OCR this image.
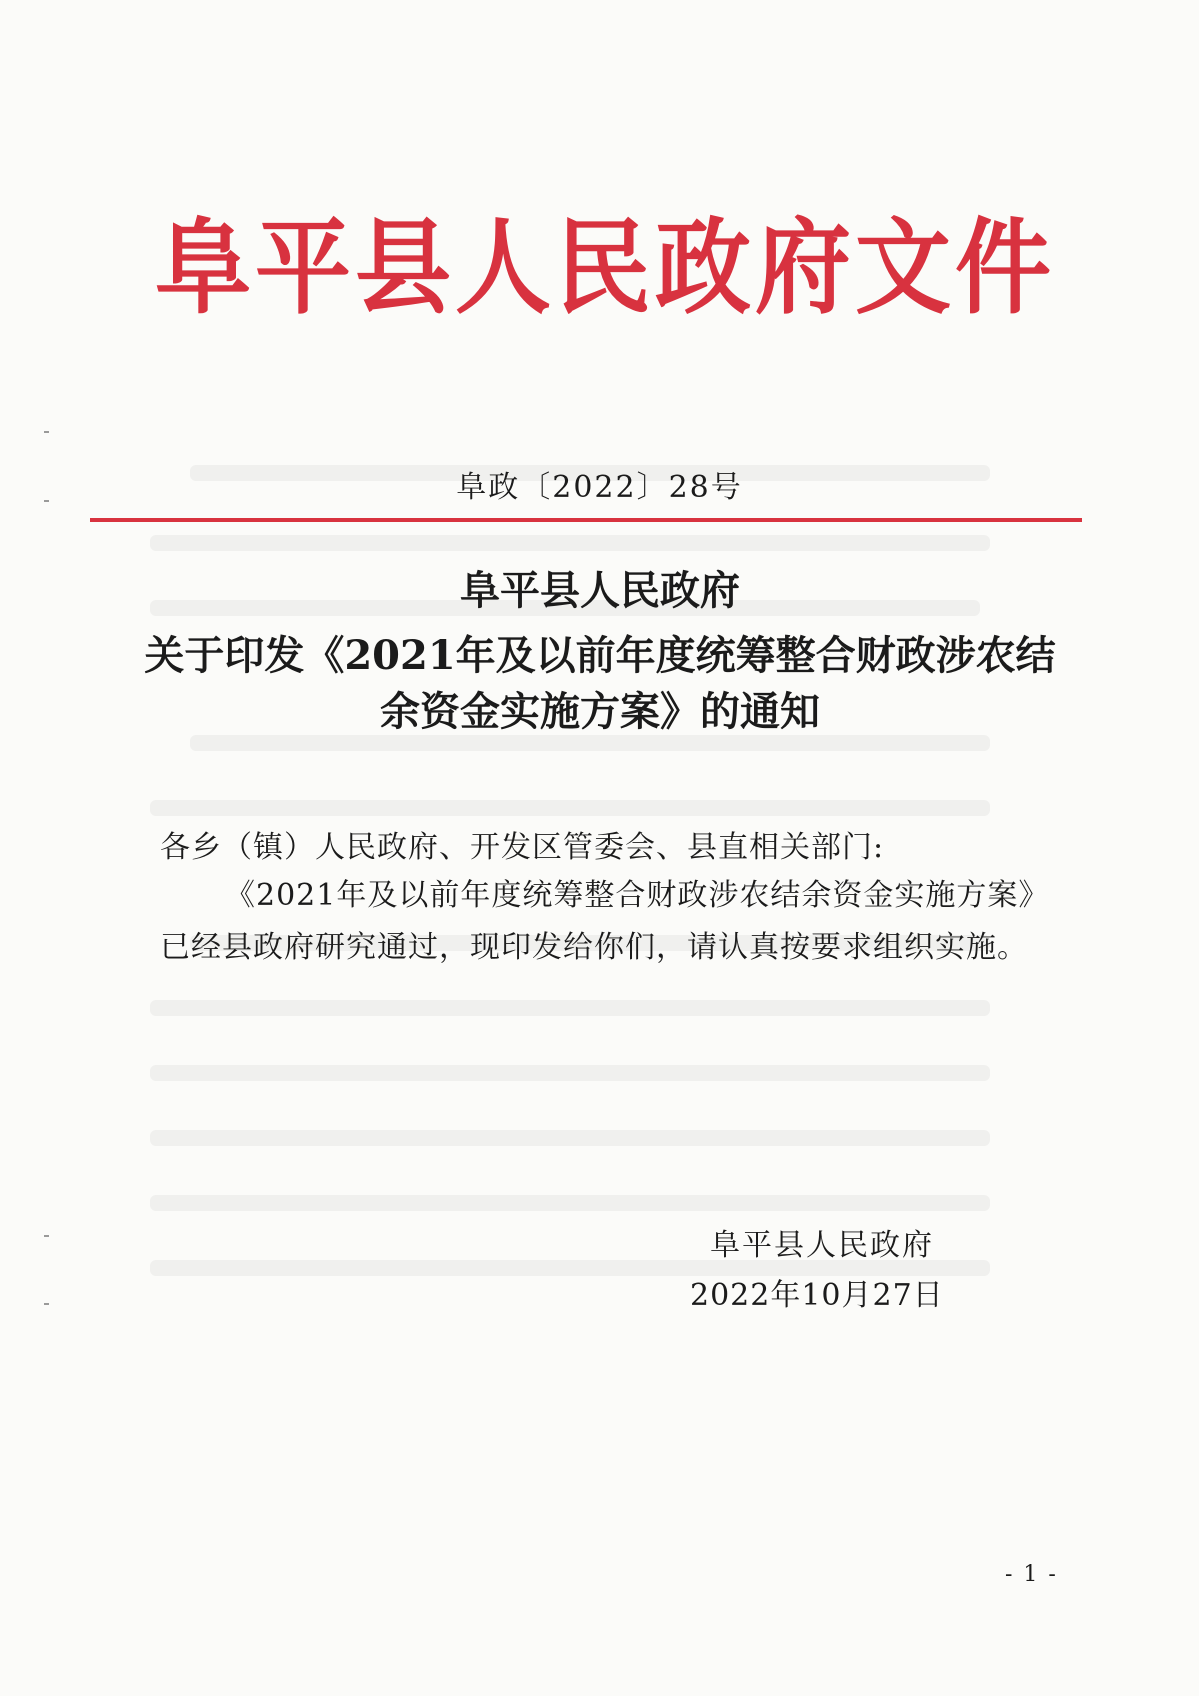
阜平县人民政府文件
阜政〔2022〕28号
阜平县人民政府
关于印发《2021年及以前年度统筹整合财政涉农结
余资金实施方案》的通知
各乡（镇）人民政府、开发区管委会、县直相关部门:
《2021年及以前年度统筹整合财政涉农结余资金实施方案》
已经县政府研究通过，现印发给你们，请认真按要求组织实施。
阜平县人民政府
2022年10月27日
- 1 -
